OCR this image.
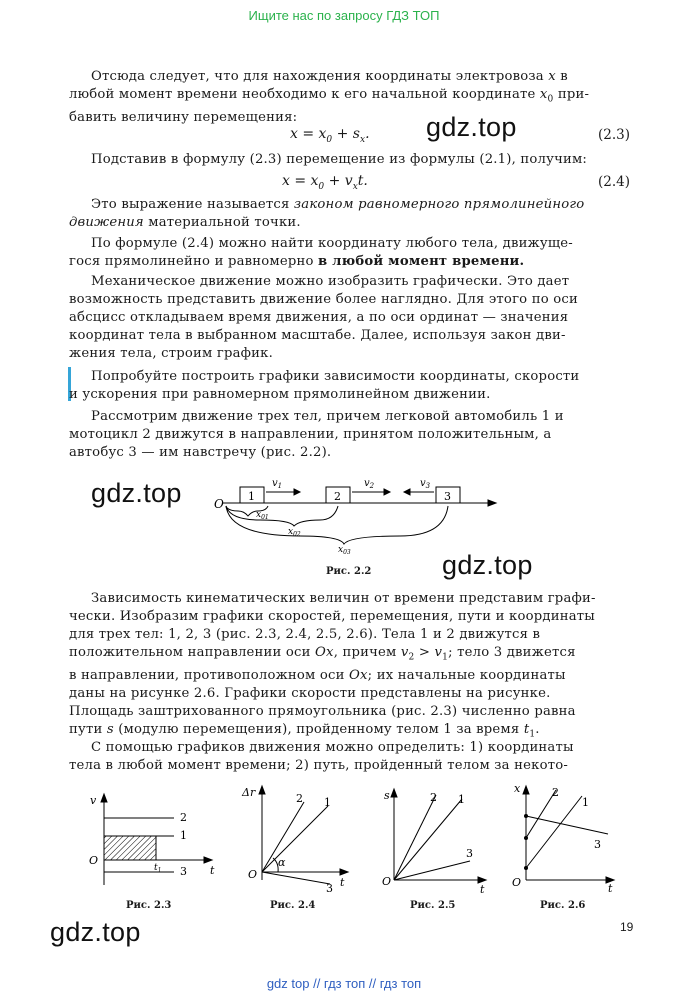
Ищите нас по запросу ГДЗ ТОП

Отсюда следует, что для нахождения координаты электровоза x в

любой момент времени необходимо к его начальной координате $x_0$ при-

бавить величину перемещения:

$x = x_0 + s_x$.	(2.3)
gdz.top

Подставив в формулу (2.3) перемещение из формулы (2.1), получим:

$x = x_0 + v_xt$.	(2.4)

Это выражение называется законом равномерного прямолинейного

движения материальной точки.

По формуле (2.4) можно найти координату любого тела, движуще-

гося прямолинейно и равномерно в любой момент времени.

Механическое движение можно изобразить графически. Это дает

возможность представить движение более наглядно. Для этого по оси

абсцисс откладываем время движения, а по оси ординат — значения

координат тела в выбранном масштабе. Далее, используя закон дви-

жения тела, строим график.

Попробуйте построить графики зависимости координаты, скорости

и ускорения при равномерном прямолинейном движении.

Рассмотрим движение трех тел, причем легковой автомобиль 1 и

мотоцикл 2 движутся в направлении, принятом положительным, а

автобус 3 — им навстречу (рис. 2.2).

gdz.top	O
1	2	3
$v_1$	$v_2$	$v_3$
$x_{01}$
$x_{02}$
$x_{03}$
Рис. 2.2	gdz.top

Зависимость кинематических величин от времени представим графи-

чески. Изобразим графики скоростей, перемещения, пути и координаты

для трех тел: 1, 2, 3 (рис. 2.3, 2.4, 2.5, 2.6). Тела 1 и 2 движутся в

положительном направлении оси Ox, причем $v_2 > v_1$; тело 3 движется

в направлении, противоположном оси Ox; их начальные координаты

даны на рисунке 2.6. Графики скорости представлены на рисунке.

Площадь заштрихованного прямоугольника (рис. 2.3) численно равна

пути s (модулю перемещения), пройденному телом 1 за время $t_1$.

С помощью графиков движения можно определить: 1) координаты

тела в любой момент времени; 2) путь, пройденный телом за некото-

v
O
t
$t_1$
2
1
3
Рис. 2.3
Δr
O
t
α
2 1
3
Рис. 2.4
s
O
t
2 1
3
Рис. 2.5
x
O	t
2
1
3
Рис. 2.6
gdz.top	19
gdz top // гдз топ // гдз топ
